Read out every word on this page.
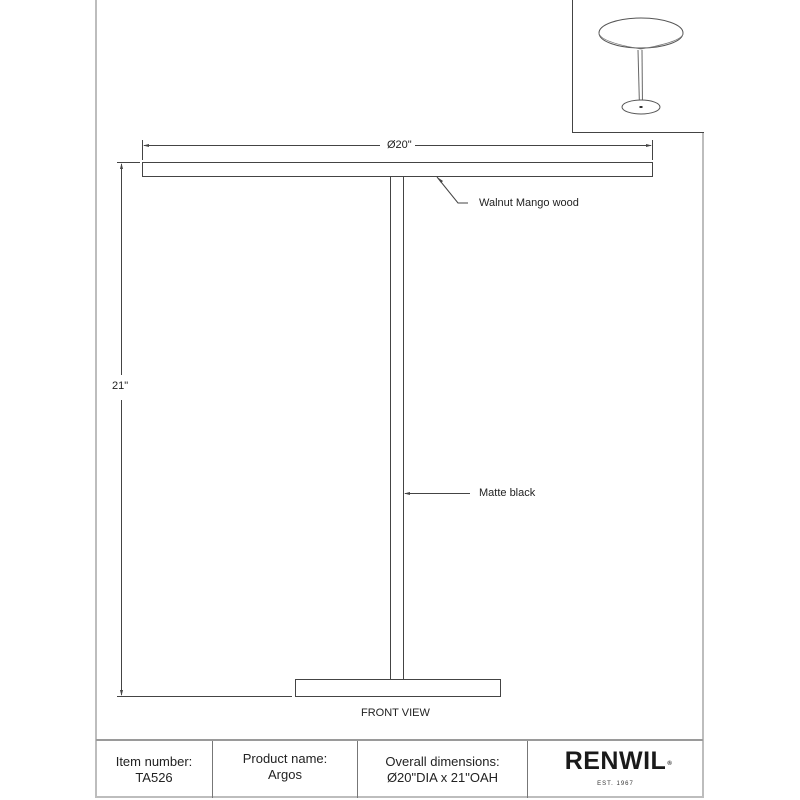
Ø20"
21"
Walnut Mango wood
Matte black
FRONT VIEW
Item number:
TA526
Product name:
Argos
Overall dimensions:
Ø20"DIA x 21"OAH
RENWIL ®
EST. 1967
